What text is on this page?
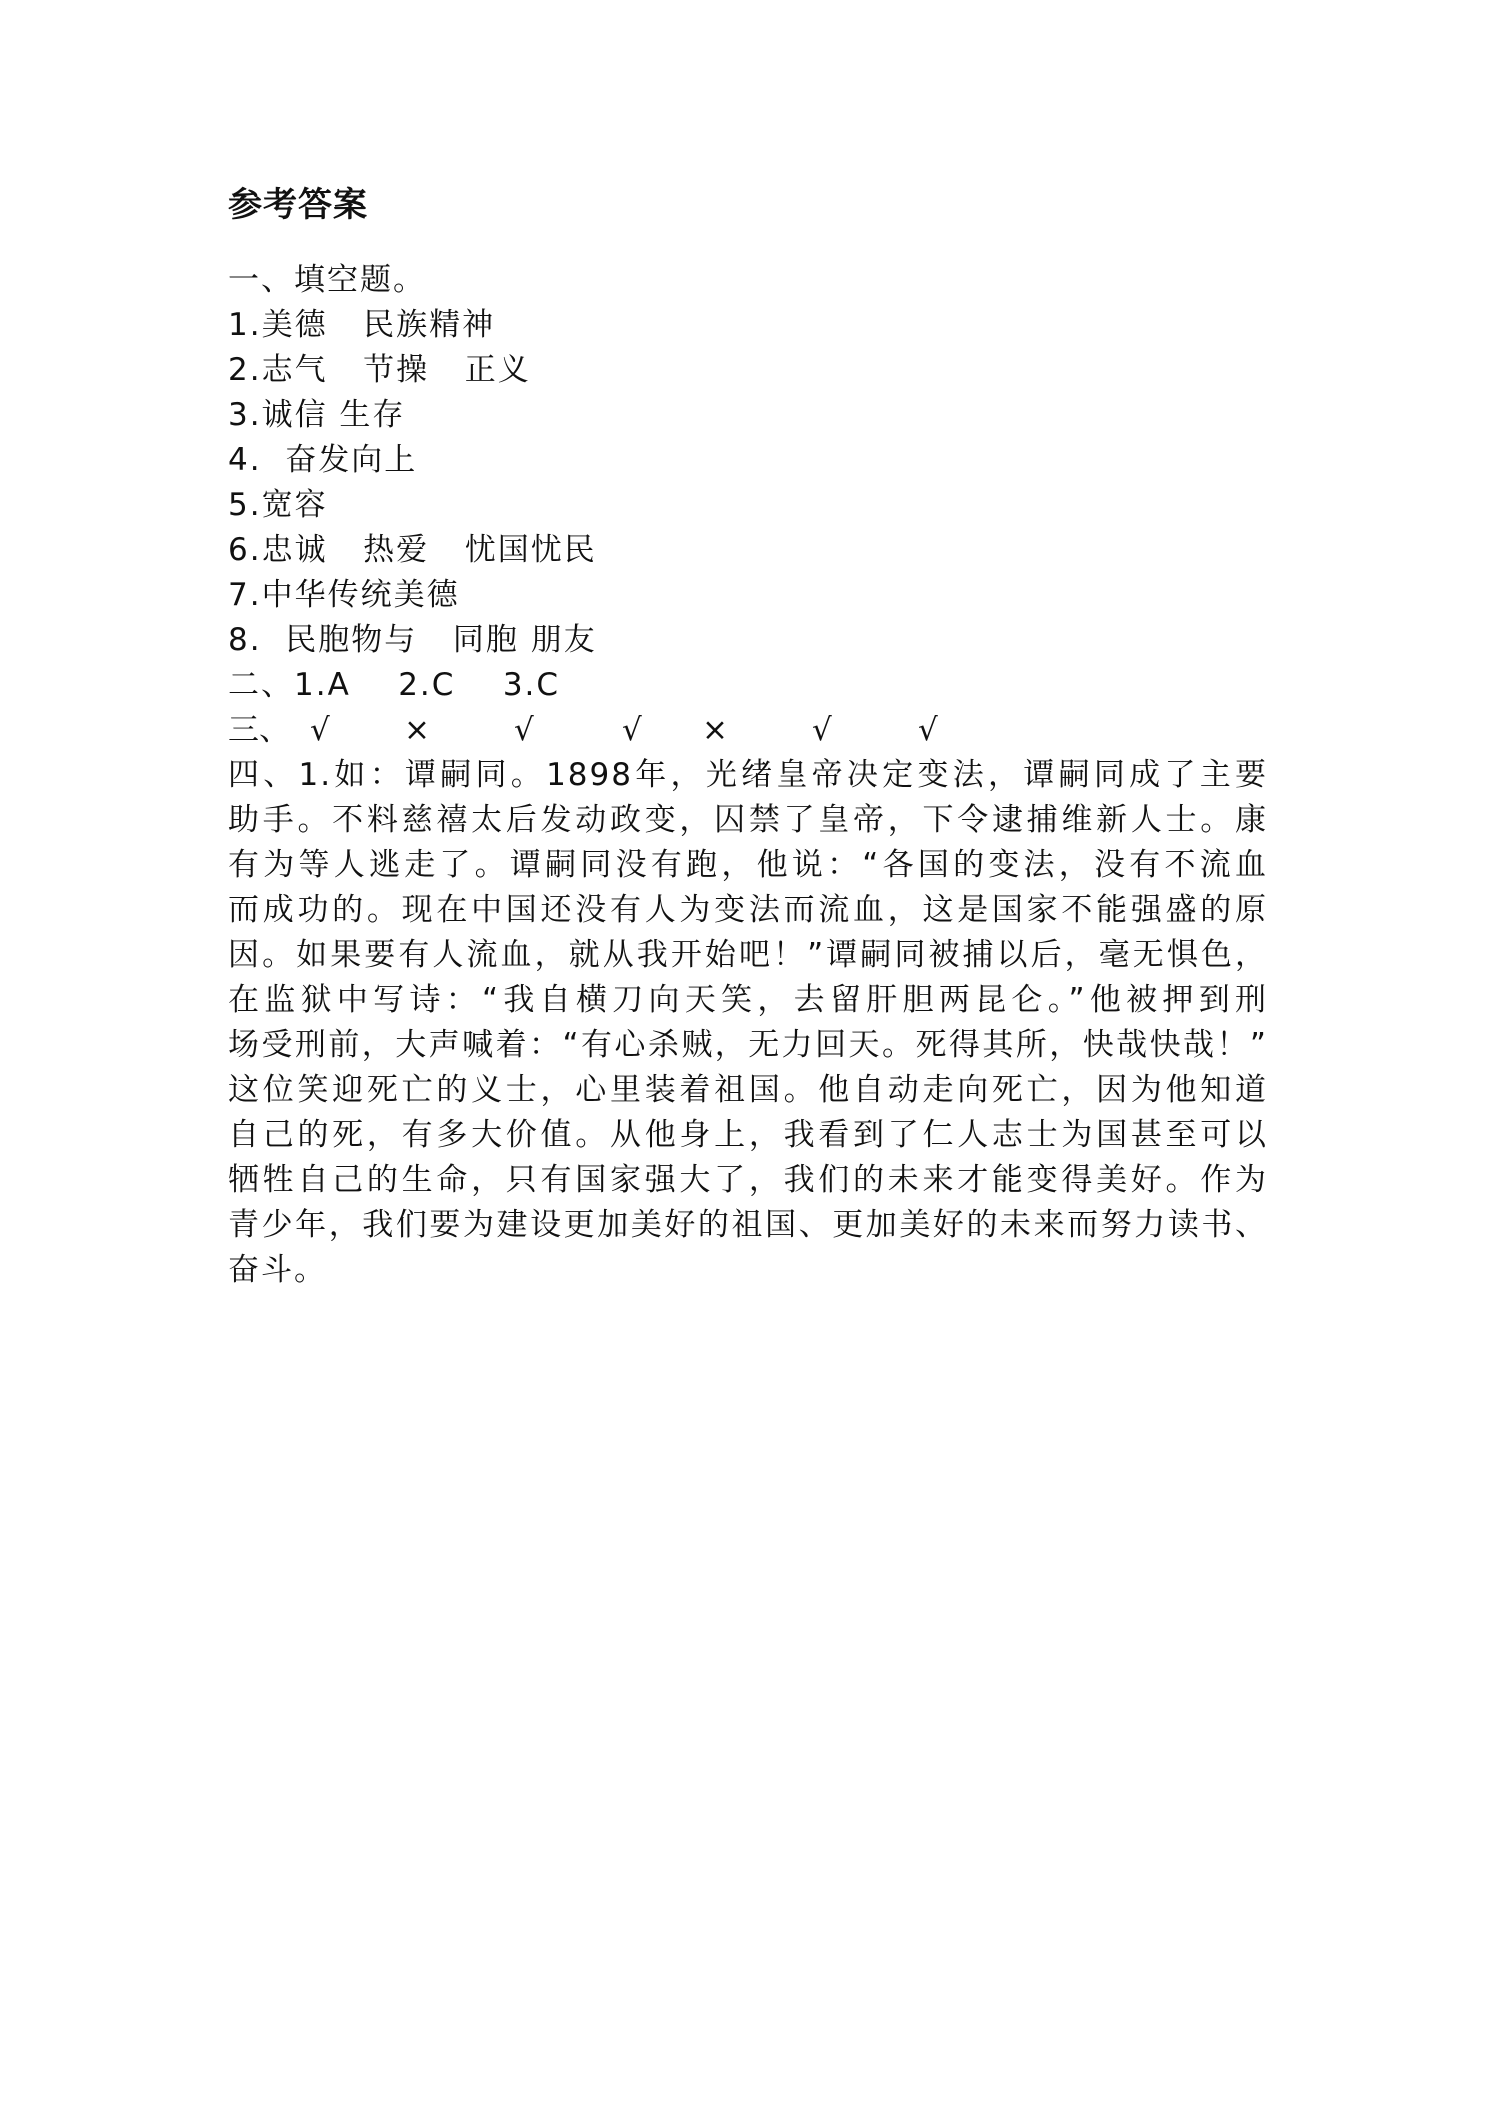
参考答案
一、填空题。
1.美德   民族精神
2.志气   节操   正义
3.诚信 生存
4.  奋发向上
5.宽容
6.忠诚   热爱   忧国忧民
7.中华传统美德
8.  民胞物与   同胞 朋友
二、1.A    2.C    3.C
三、 √ ×	√	√ ×	√	√
四、1.如：谭嗣同。1898年，光绪皇帝决定变法，谭嗣同成了主要
助手。不料慈禧太后发动政变，囚禁了皇帝，下令逮捕维新人士。康
有为等人逃走了。谭嗣同没有跑，他说：“各国的变法，没有不流血
而成功的。现在中国还没有人为变法而流血，这是国家不能强盛的原
因。如果要有人流血，就从我开始吧！”谭嗣同被捕以后，毫无惧色，
在监狱中写诗：“我自横刀向天笑，去留肝胆两昆仑。”他被押到刑
场受刑前，大声喊着：“有心杀贼，无力回天。死得其所，快哉快哉！”
这位笑迎死亡的义士，心里装着祖国。他自动走向死亡，因为他知道
自己的死，有多大价值。从他身上，我看到了仁人志士为国甚至可以
牺牲自己的生命，只有国家强大了，我们的未来才能变得美好。作为
青少年，我们要为建设更加美好的祖国、更加美好的未来而努力读书、
奋斗。
